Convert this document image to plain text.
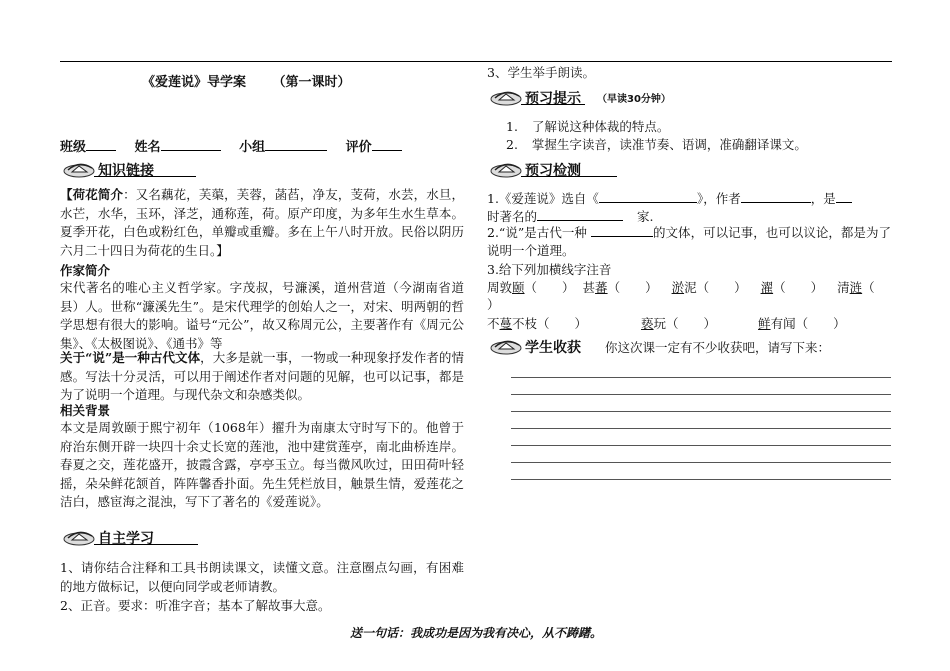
《爱莲说》导学案 （第一课时）
班级	姓名	小组	评价
知识链接

【荷花简介：又名藕花，芙蕖，芙蓉，菡萏，净友，芰荷，水芸，水旦，水芒，水华，玉环，泽芝，通称莲，荷。原产印度，为多年生水生草本。夏季开花，白色或粉红色，单瓣或重瓣。多在上午八时开放。民俗以阴历六月二十四日为荷花的生日。】

作家简介

宋代著名的唯心主义哲学家。字茂叔，号濂溪，道州营道（今湖南省道县）人。世称“濂溪先生”。是宋代理学的创始人之一，对宋、明两朝的哲学思想有很大的影响。谥号“元公”，故又称周元公，主要著作有《周元公集》、《太极图说》、《通书》等

关于“说”是一种古代文体，大多是就一事，一物或一种现象抒发作者的情感。写法十分灵活，可以用于阐述作者对问题的见解，也可以记事，都是为了说明一个道理。与现代杂文和杂感类似。

相关背景

本文是周敦颐于熙宁初年（1068年）擢升为南康太守时写下的。他曾于府治东侧开辟一块四十余丈长宽的莲池，池中建赏莲亭，南北曲桥连岸。春夏之交，莲花盛开，披霞含露，亭亭玉立。每当微风吹过，田田荷叶轻摇，朵朵鲜花颔首，阵阵馨香扑面。先生凭栏放目，触景生情，爱莲花之洁白，感宦海之混浊，写下了著名的《爱莲说》。

自主学习

1、请你结合注释和工具书朗读课文，读懂文意。注意圈点勾画，有困难的地方做标记，以便向同学或老师请教。

2、正音。要求：听准字音；基本了解故事大意。
3、学生举手朗读。
预习提示 （早读30分钟）
1. 了解说这种体裁的特点。
2. 掌握生字读音，读准节奏、语调，准确翻译课文。
预习检测
1.《爱莲说》选自《	》，作者	，是
时著名的	家.

2.“说”是古代一种	的文体，可以记事，也可以议论，都是为了说明一个道理。

3.给下列加横线字注音
周敦颐（　　） 甚蕃（　　） 淤泥（　　） 濯（　　） 清涟（
）
不蔓不枝（　　）	亵玩（　　）	鲜有闻（　　）
学生收获 你这次课一定有不少收获吧，请写下来：
送一句话：我成功是因为我有决心，从不踌躇。
